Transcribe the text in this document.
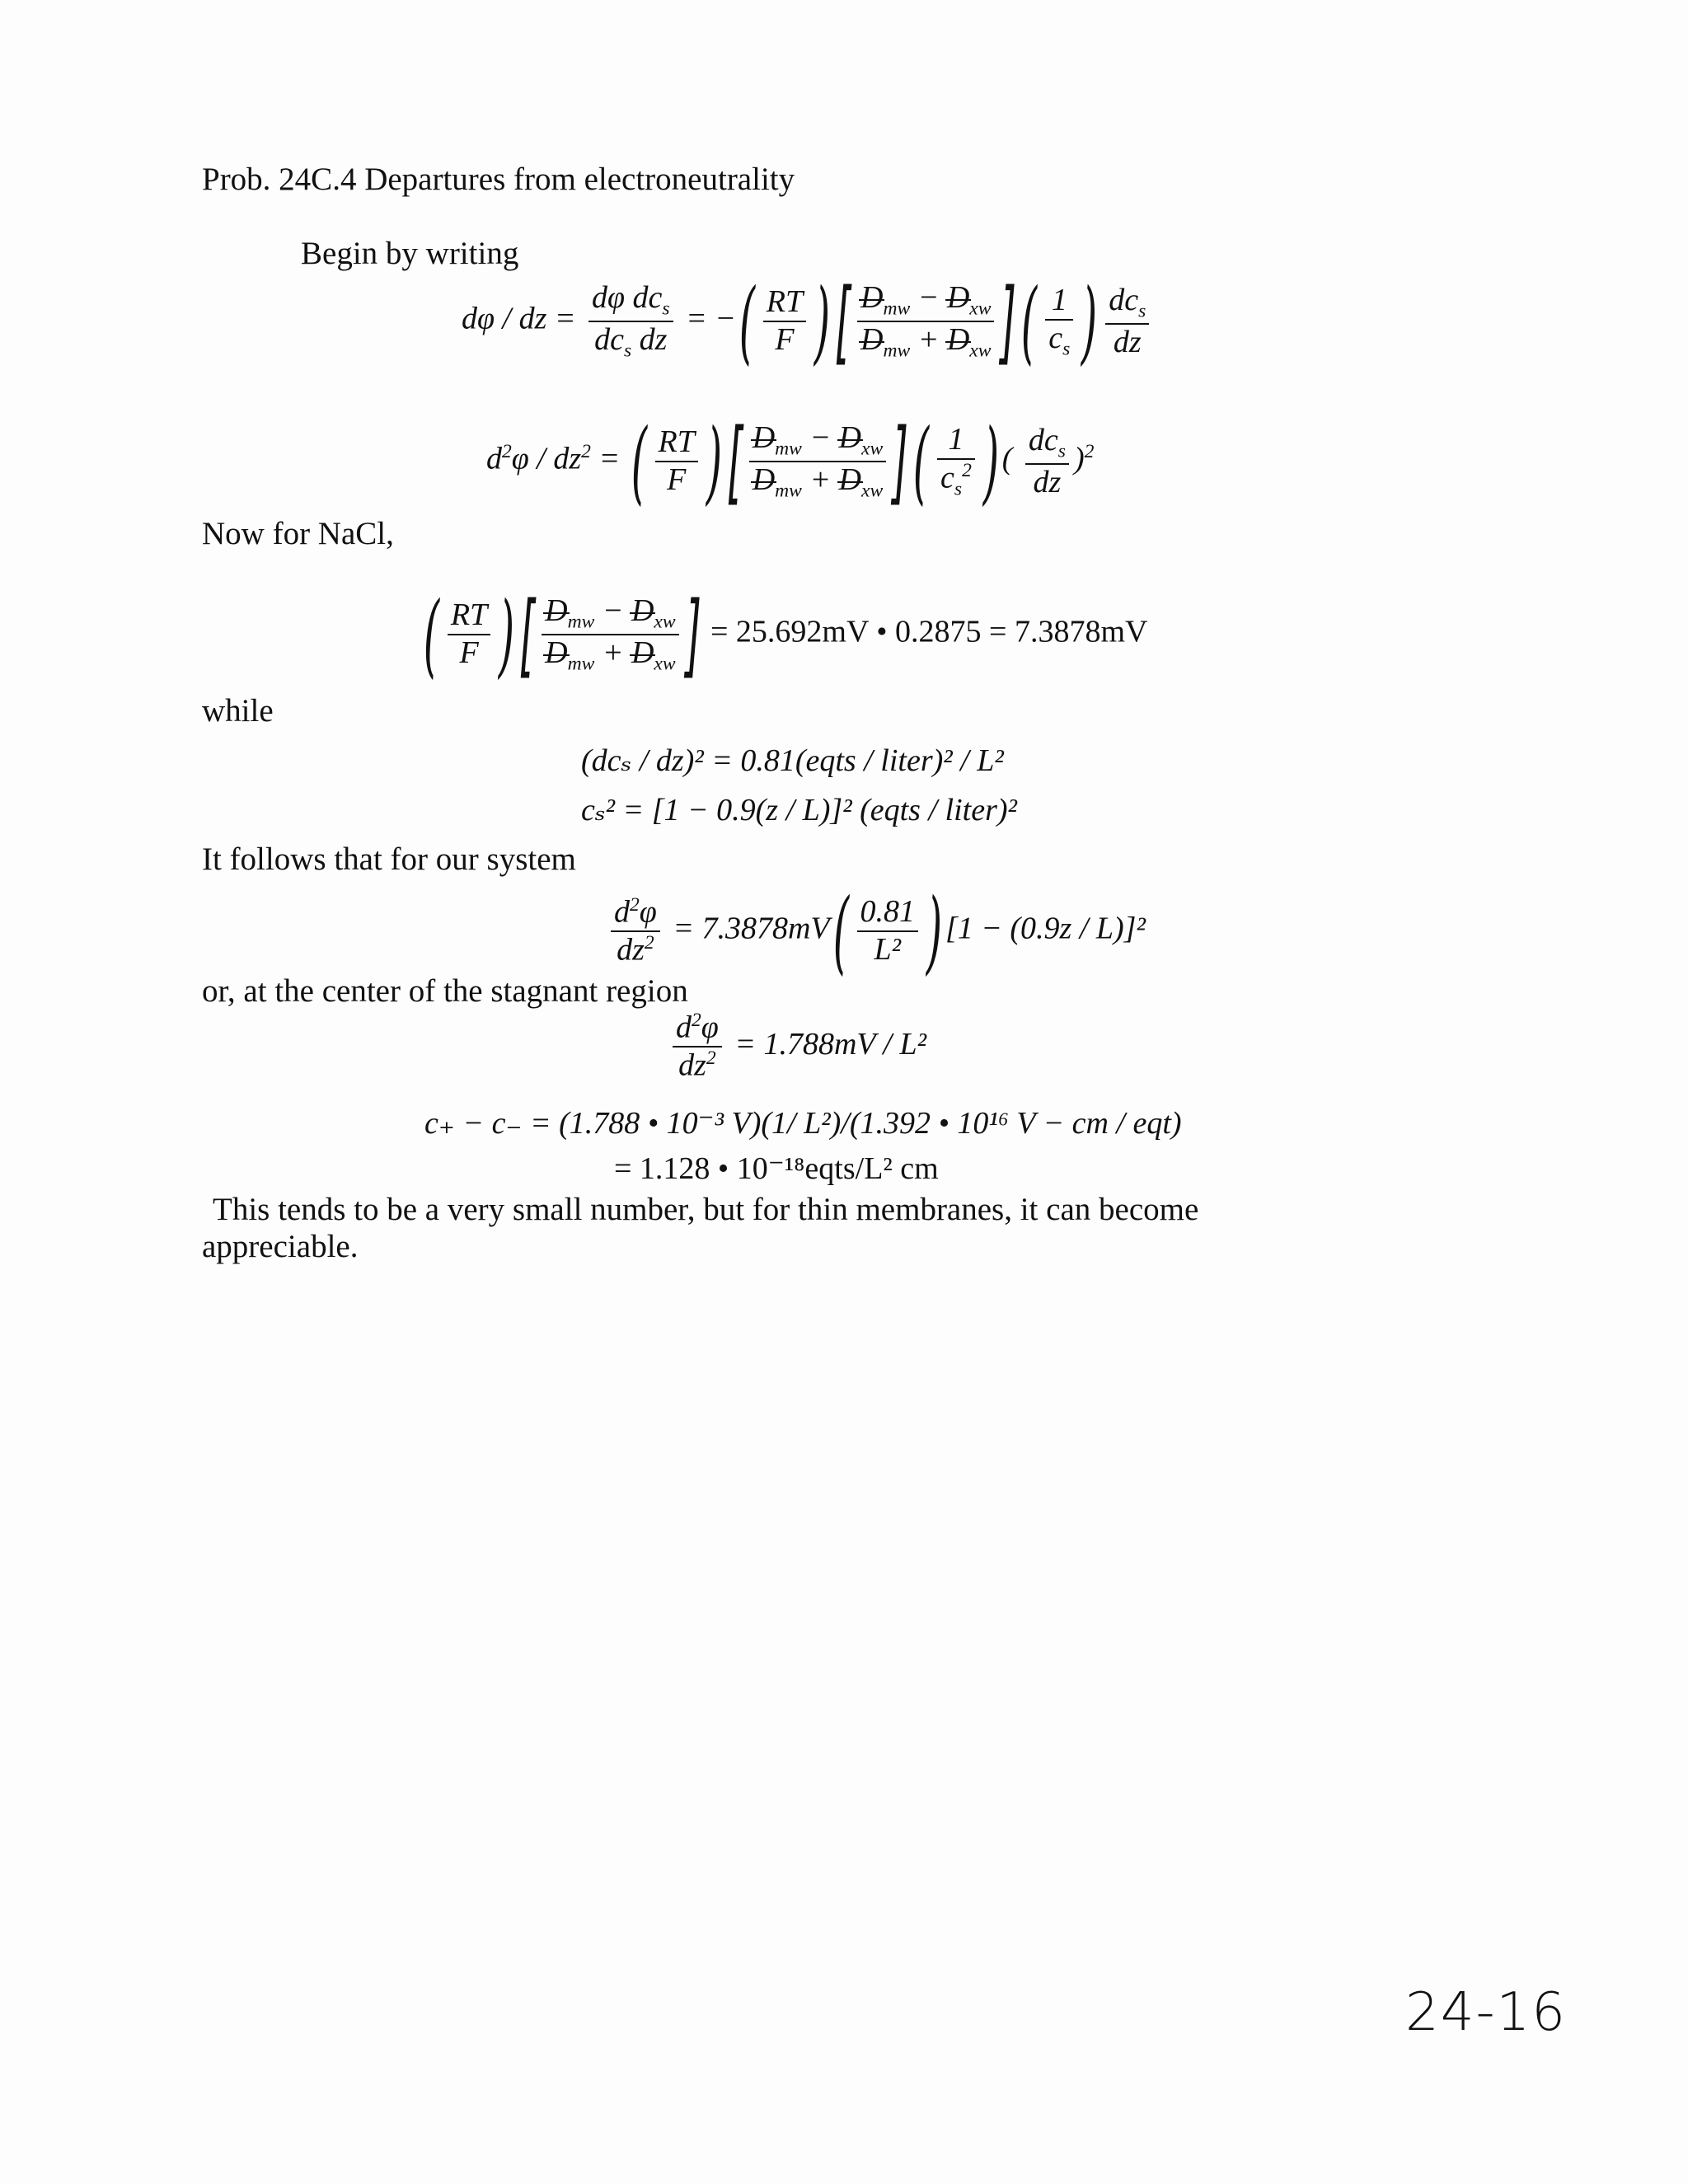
Prob. 24C.4 Departures from electroneutrality
Begin by writing
dφ / dz = $\frac{d\varphi dc_s}{dc_s dz}$ = −( $\frac{RT}{F}$ )[ $\frac{D_{mw} - D_{xw}}{D_{mw} + D_{xw}}$ ]( $\frac{1}{c_s}$ ) $\frac{dc_s}{dz}$
$d^2\varphi / dz^2$ = ( $\frac{RT}{F}$ )[ $\frac{D_{mw} - D_{xw}}{D_{mw} + D_{xw}}$ ]( $\frac{1}{c_s^2}$ ) ( $\frac{dc_s}{dz} )^2$
Now for NaCl,
( $\frac{RT}{F}$ )[ $\frac{D_{mw} - D_{xw}}{D_{mw} + D_{xw}}$ ] = 25.692mV • 0.2875 = 7.3878mV
while
(dcₛ / dz)² = 0.81(eqts / liter)² / L²
cₛ² = [1 − 0.9(z / L)]² (eqts / liter)²
It follows that for our system
$\frac{d^2\varphi}{dz^2} = 7.3878mV( \frac{0.81}{\text{L²}}$ ) [1 − (0.9z / L)]²
or, at the center of the stagnant region
$\frac{d^2\varphi}{dz^2} = 1.788mV / L^2$
c₊ − c₋ = (1.788 • 10⁻³ V)(1/ L²)/(1.392 • 10¹⁶ V − cm / eqt)
= 1.128 • 10⁻¹⁸eqts/L² cm
This tends to be a very small number, but for thin membranes, it can become
appreciable.
24-16
